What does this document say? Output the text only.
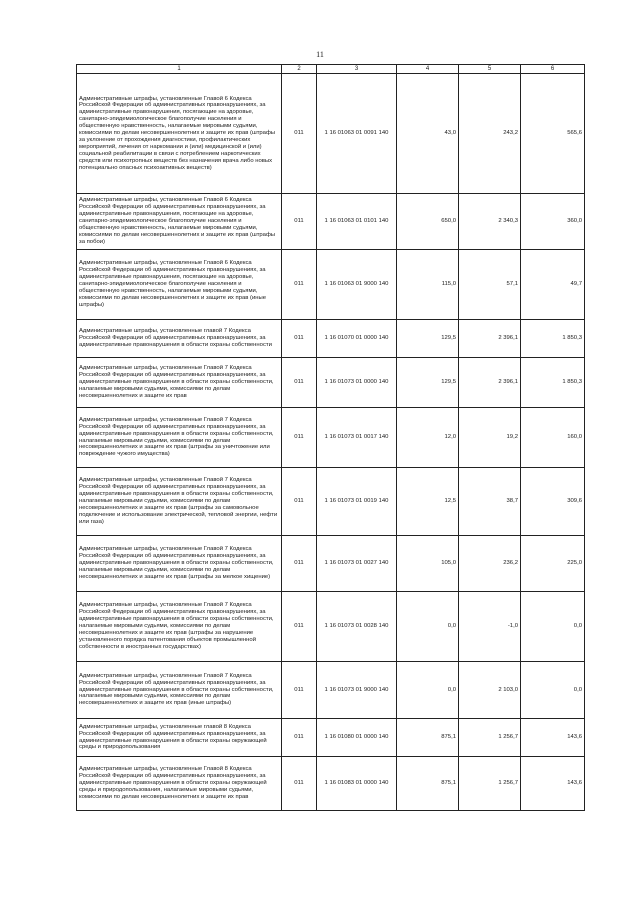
11
1	2	3	4	5	6
Административные штрафы, установленные Главой 6 Кодекса Российской Федерации об административных правонарушениях, за административные правонарушения, посягающие на здоровье, санитарно-эпидемиологическое благополучие населения и общественную нравственность, налагаемые мировыми судьями, комиссиями по делам несовершеннолетних и защите их прав (штрафы за уклонение от прохождения диагностики, профилактических мероприятий, лечения от наркомании и (или) медицинской и (или) социальной реабилитации в связи с потреблением наркотических средств или психотропных веществ без назначения врача либо новых потенциально опасных психоактивных веществ)	011	1 16 01063 01 0091 140	43,0	243,2	565,6
Административные штрафы, установленные Главой 6 Кодекса Российской Федерации об административных правонарушениях, за административные правонарушения, посягающие на здоровье, санитарно-эпидемиологическое благополучие населения и общественную нравственность, налагаемые мировыми судьями, комиссиями по делам несовершеннолетних и защите их прав (штрафы за побои)	011	1 16 01063 01 0101 140	650,0	2 340,3	360,0
Административные штрафы, установленные Главой 6 Кодекса Российской Федерации об административных правонарушениях, за административные правонарушения, посягающие на здоровье, санитарно-эпидемиологическое благополучие населения и общественную нравственность, налагаемые мировыми судьями, комиссиями по делам несовершеннолетних и защите их прав (иные штрафы)	011	1 16 01063 01 9000 140	115,0	57,1	49,7
Административные штрафы, установленные главой 7 Кодекса Российской Федерации об административных правонарушениях, за административные правонарушения в области охраны собственности	011	1 16 01070 01 0000 140	129,5	2 396,1	1 850,3
Административные штрафы, установленные Главой 7 Кодекса Российской Федерации об административных правонарушениях, за административные правонарушения в области охраны собственности, налагаемые мировыми судьями, комиссиями по делам несовершеннолетних и защите их прав	011	1 16 01073 01 0000 140	129,5	2 396,1	1 850,3
Административные штрафы, установленные Главой 7 Кодекса Российской Федерации об административных правонарушениях, за административные правонарушения в области охраны собственности, налагаемые мировыми судьями, комиссиями по делам несовершеннолетних и защите их прав (штрафы за уничтожение или повреждение чужого имущества)	011	1 16 01073 01 0017 140	12,0	19,2	160,0
Административные штрафы, установленные Главой 7 Кодекса Российской Федерации об административных правонарушениях, за административные правонарушения в области охраны собственности, налагаемые мировыми судьями, комиссиями по делам несовершеннолетних и защите их прав (штрафы за самовольное подключение и использование электрической, тепловой энергии, нефти или газа)	011	1 16 01073 01 0019 140	12,5	38,7	309,6
Административные штрафы, установленные Главой 7 Кодекса Российской Федерации об административных правонарушениях, за административные правонарушения в области охраны собственности, налагаемые мировыми судьями, комиссиями по делам несовершеннолетних и защите их прав (штрафы за мелкое хищение)	011	1 16 01073 01 0027 140	105,0	236,2	225,0
Административные штрафы, установленные Главой 7 Кодекса Российской Федерации об административных правонарушениях, за административные правонарушения в области охраны собственности, налагаемые мировыми судьями, комиссиями по делам несовершеннолетних и защите их прав (штрафы за нарушение установленного порядка патентования объектов промышленной собственности в иностранных государствах)	011	1 16 01073 01 0028 140	0,0	-1,0	0,0
Административные штрафы, установленные Главой 7 Кодекса Российской Федерации об административных правонарушениях, за административные правонарушения в области охраны собственности, налагаемые мировыми судьями, комиссиями по делам несовершеннолетних и защите их прав (иные штрафы)	011	1 16 01073 01 9000 140	0,0	2 103,0	0,0
Административные штрафы, установленные главой 8 Кодекса Российской Федерации об административных правонарушениях, за административные правонарушения в области охраны окружающей среды и природопользования	011	1 16 01080 01 0000 140	875,1	1 256,7	143,6
Административные штрафы, установленные Главой 8 Кодекса Российской Федерации об административных правонарушениях, за административные правонарушения в области охраны окружающей среды и природопользования, налагаемые мировыми судьями, комиссиями по делам несовершеннолетних и защите их прав	011	1 16 01083 01 0000 140	875,1	1 256,7	143,6
